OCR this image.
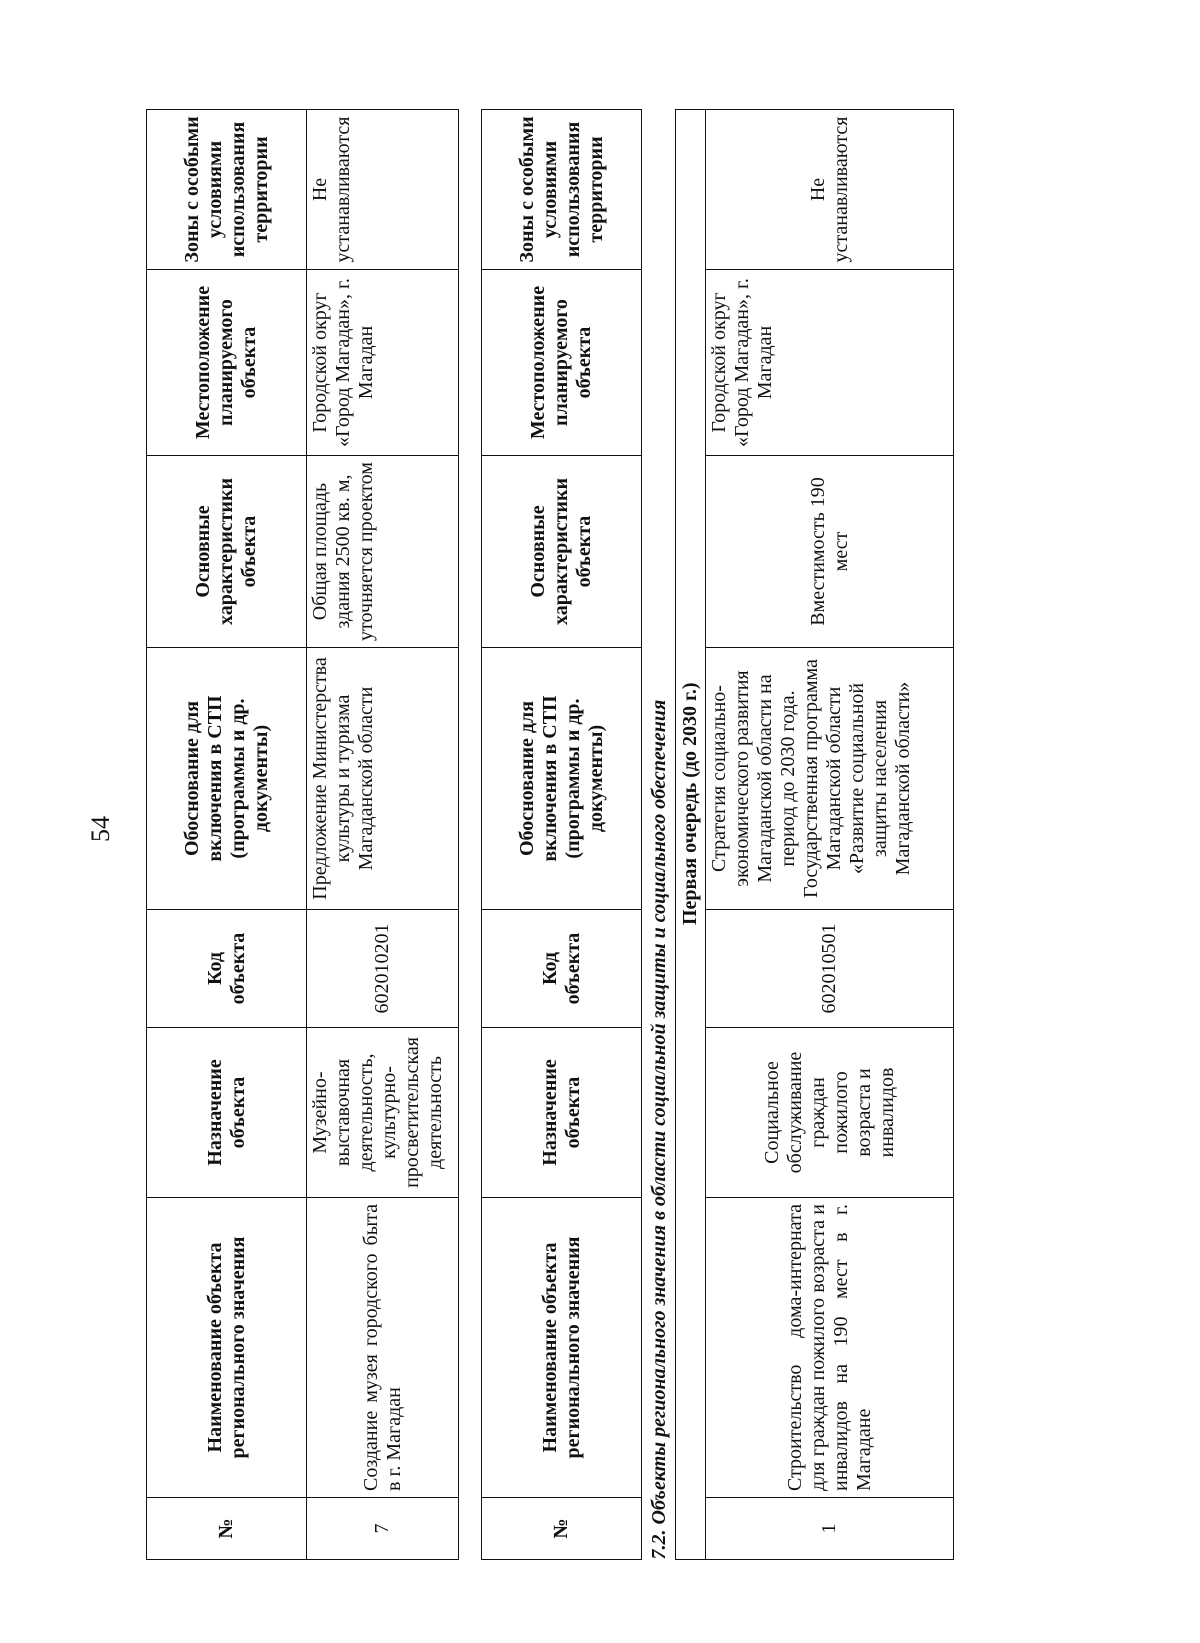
54
№	Наименование объекта регионального значения	Назначение объекта	Код объекта	Обоснование для включения в СТП (программы и др. документы)	Основные характеристики объекта	Местоположение планируемого объекта	Зоны с особыми условиями использования территории
7	Создание музея городского быта в г. Магадан	Музейно-выставочная деятельность, культурно-просветительская деятельность	602010201	Предложение Министерства культуры и туризма Магаданской области	Общая площадь здания 2500 кв. м, уточняется проектом	Городской округ «Город Магадан», г. Магадан	Не устанавливаются
№	Наименование объекта регионального значения	Назначение объекта	Код объекта	Обоснование для включения в СТП (программы и др. документы)	Основные характеристики объекта	Местоположение планируемого объекта	Зоны с особыми условиями использования территории
7.2. Объекты регионального значения в области социальной защиты и социального обеспечения							
	Первая очередь (до 2030 г.)						
1	Строительство дома-интерната для граждан пожилого возраста и инвалидов на 190 мест в г. Магадане	Социальное обслуживание граждан пожилого возраста и инвалидов	602010501	Стратегия социально-экономического развития Магаданской области на период до 2030 года. Государственная программа Магаданской области «Развитие социальной защиты населения Магаданской области»	Вместимость 190 мест	Городской округ «Город Магадан», г. Магадан	Не устанавливаются
